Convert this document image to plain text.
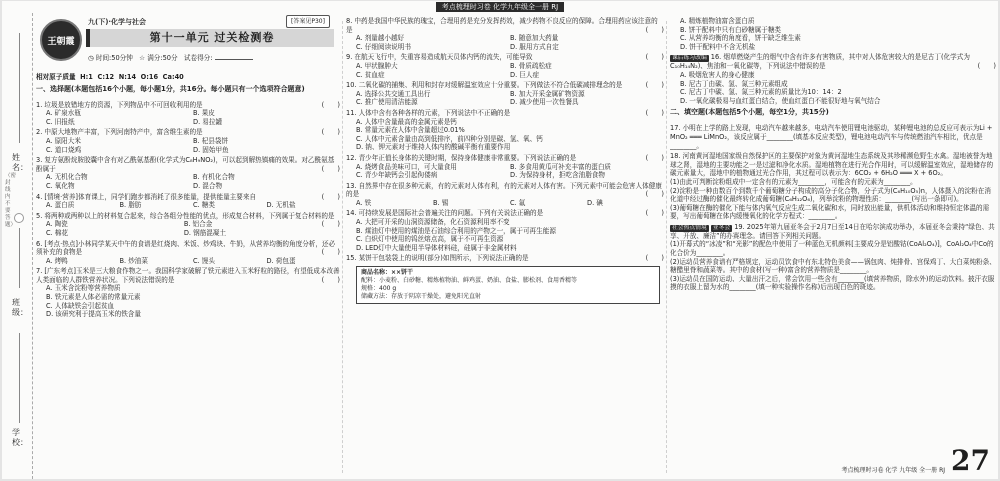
考点梳理时习卷 化学九年级全一册 RJ
姓名：
（密封线内不要答题）
班级：
学校：
[答案见P30]
王朝霞
九(下)·化学与社会
第十一单元 过关检测卷
◷ 时间:50分钟 ☆ 满分:50分 试卷得分:

相对原子质量  H:1  C:12  N:14  O:16  Ca:40

一、选择题(本题包括16个小题，每小题1分，共16分。每小题只有一个选项符合题意)

1. 垃圾是放错地方的资源，下列物品中不可回收利用的是	(　　)

A. 矿泉水瓶	B. 果皮
C. 旧报纸	D. 易拉罐

2. 中原大地物产丰富，下列河南特产中，富含维生素的是	(　　)

A. 原阳大米	B. 杞县袋饼
C. 道口烧鸡	D. 固始甲鱼

3. 复方氨酚烷胺胶囊中含有对乙酰氨基酚(化学式为C₈H₉NO₂)，可以起到解热镇痛的效果。对乙酰氨基酚属于	(　　)

A. 无机化合物	B. 有机化合物
C. 氧化物	D. 混合物

4. [情境·营养]体育课上，同学们跑步都消耗了很多能量，提供能量主要来自	(　　)

A. 蛋白质	B. 脂肪	C. 糖类	D. 无机盐

5. 将两种或两种以上的材料复合起来，综合各组分性能的优点，形成复合材料，下列属于复合材料的是
(　　)

A. 陶瓷	B. 铝合金
C. 棉花	D. 钢筋混凝土

6. [考点·热点]小林同学某天中午的食谱是红烧肉、米饭、炒鸡块、牛奶，从营养均衡的角度分析，还必须补充的食物是	(　　)

A. 烤鸭	B. 炒油菜	C. 馒头	D. 荷包蛋

7. [广东考点]玉米是三大粮食作物之一。我国科学家破解了铁元素进入玉米籽粒的路径，有望低成本改善人类面临的人群铁营养状况。下列说法错误的是	(　　)

A. 玉米含淀粉等营养物质
B. 铁元素是人体必需的常量元素
C. 人体缺铁会引起贫血
D. 该研究利于提高玉米的铁含量

8. 中药是我国中华民族的瑰宝，合理用药是充分发挥药效，减少药物不良反应的保障。合理用药应该注意的是	(　　)

A. 剂量越小越好	B. 随意加大药量
C. 仔细阅读说明书	D. 服用方式自定

9. 在航天飞行中，失重容易造成航天员体内钙的流失，可能导致	(　　)

A. 甲状腺肿大	B. 骨质疏松症
C. 贫血症	D. 巨人症

10. 二氧化碳的捕集、利用和封存对缓解温室效应十分重要。下列做法不符合低碳减排理念的是	(　　)

A. 选择公共交通工具出行	B. 加大开采金属矿物资源
C. 推广使用清洁能源	D. 减少使用一次性餐具

11. 人体中含有各种各样的元素，下列说法中不正确的是	(　　)

A. 人体中含量最高的金属元素是钙
B. 常量元素在人体中含量超过0.01%
C. 人体中元素含量由高到低排序，前四种分别是碳、氢、氧、钙
D. 钠、钾元素对于维持人体内的酸碱平衡有重要作用

12. 青少年正值长身体的关键时期，保持身体健康非常重要。下列说法正确的是	(　　)

A. 烧烤食品美味可口，可大量食用	B. 多食用黄瓜可补充丰富的蛋白质
C. 青少年缺钙会引起佝偻病	D. 为保持身材，拒吃含油脂食物

13. 自然界中存在很多种元素，有的元素对人体有利，有的元素对人体有害。下列元素中可能会危害人体健康的是	(　　)

A. 铁	B. 锡	C. 氟	D. 碘

14. 可持续发展是国际社会普遍关注的问题。下列有关说法正确的是	(　　)

A. 大把可开采的山洞资源储备，化石资源利用率不变
B. 煤油灯中使用的煤油是石油综合利用的产物之一，属于可再生能源
C. 白炽灯中使用的钨丝熔点高，属于不可再生资源
D. LED灯中大量使用半导体材料硅，硅属于非金属材料

15. 某饼干包装袋上的说明(部分)如图所示，下列说法正确的是	(　　)

商品名称：××饼干

配料：小麦粉、白砂糖、精炼植物油、鲜鸡蛋、奶油、食盐、膨松剂、食用香精等

规格：400 g

储藏方法：存放于阴凉干燥处，避免阳光直射

A. 精炼植物油富含蛋白质
B. 饼干配料中只有白砂糖属于糖类
C. 从营养均衡的角度看，饼干缺乏维生素
D. 饼干配料中不含无机盐

课后练习改编 16. 烟草燃烧产生的烟气中含有许多有害物质，其中对人体危害较大的是尼古丁(化学式为C₁₀H₁₄N₂)、焦油和一氧化碳等，下列说法中错误的是	(　　)

A. 吸烟危害人的身心健康
B. 尼古丁由碳、氢、氮三种元素组成
C. 尼古丁中碳、氢、氮三种元素的质量比为10：14：2
D. 一氧化碳极易与血红蛋白结合，使血红蛋白不能很好地与氧气结合

二、填空题(本题包括5个小题，每空1分，共15分)

17. 小明在上学的路上发现，电动汽车越来越多，电动汽车使用锂电池驱动，某种锂电池的总反应可表示为Li + MnO₂ ═══ LiMnO₂，该反应属于________(填基本反应类型)，锂电池电动汽车与传统燃油汽车相比，优点是________。

18. 河南黄河湿地国家级自然保护区的主要保护对象为黄河湿地生态系统及其珍稀濒危野生水禽。湿地被誉为地球之肾，湿地的主要功能之一是过滤和净化水质。湿地植物在进行光合作用时，可以缓解温室效应，湿地储存的碳元素量大，湿地中的植物通过光合作用，其过程可以表示为：6CO₂ + 6H₂O ═══ X + 6O₂。

(1)由此可判断淀粉组成中一定含有的元素为________，可能含有的元素为________。

(2)淀粉是一种由数百个到数千个葡萄糖分子构成的高分子化合物，分子式为(C₆H₁₀O₅)n，人体摄入的淀粉在消化道中经过酶的催化最终转化成葡萄糖(C₆H₁₂O₆)，列举淀粉的物理性质：________(写出一条即可)。

(3)葡萄糖在酶的催化下能与体内氧气反应生成二氧化碳和水，同时放出能量，供机体活动和维持恒定体温的需要，写出葡萄糖在体内缓慢氧化的化学方程式：________。

社会热点情境 亚冬会 19. 2025年第九届亚冬会于2月7日至14日在哈尔滨成功举办，本届亚冬会秉持“绿色、共享、开放、廉洁”的办赛理念。请回答下列相关问题。

(1)开幕式的“冰凌”和“光影”的配色中使用了一种蓝色无机颜料[主要成分是铝酸钴(CoAl₂O₄)]，CoAl₂O₄中Co的化合价为________。

(2)运动员营养食谱有严格规定，运动员饮食中有东北特色美食——锅包肉、炖排骨、宫保鸡丁、大白菜炖粉条、糖醋里脊和蔬菜等。其中的食材(写一种)富含的营养物质是________。

(3)运动员在国防运动、大量出汗之后，常会饮用一些含有________(填营养物质，除水外)的运动饮料。披汗衣服摸的衣服上留为水的________(填一种实验操作名称)后出现白色的斑迹。

考点梳理时习卷 化学 九年级 全一册 RJ 27
